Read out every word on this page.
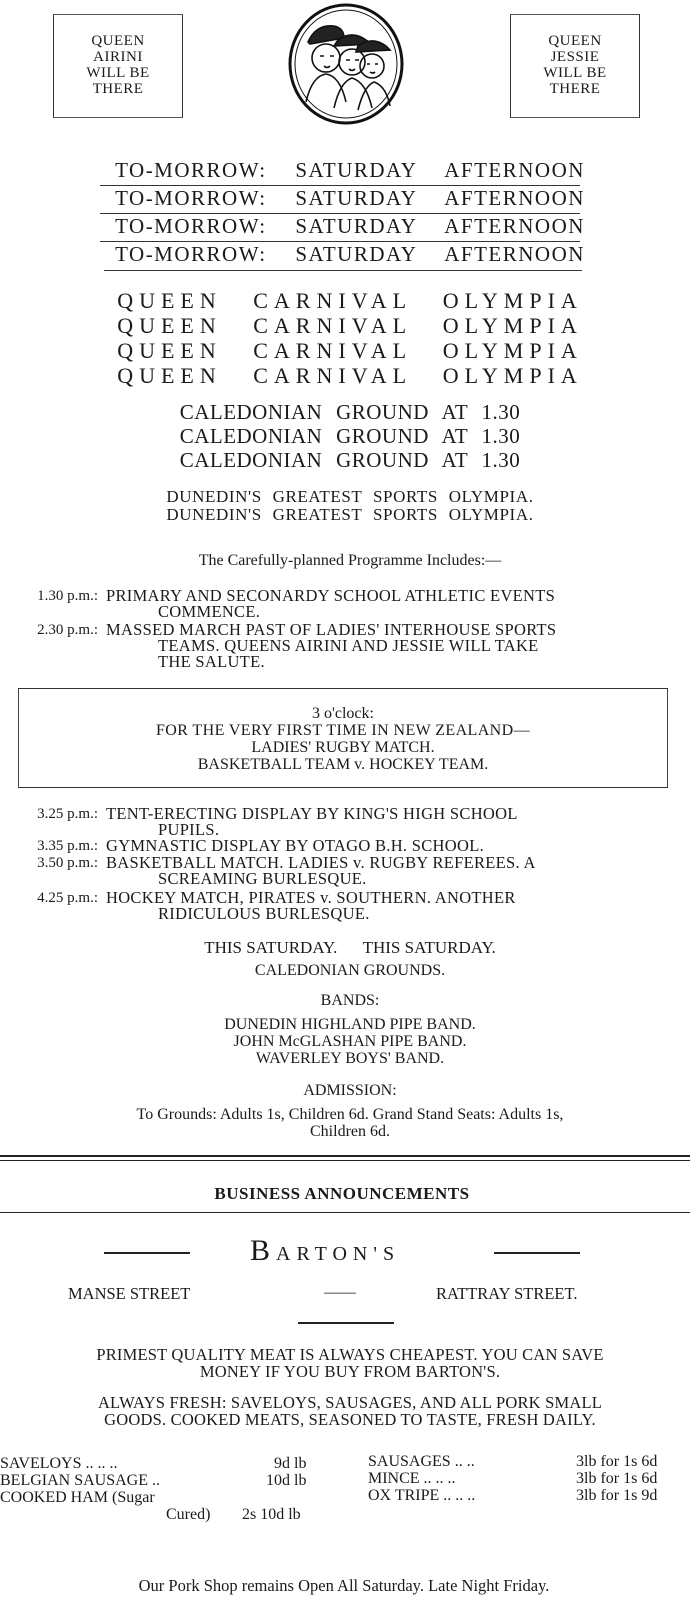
QUEEN
AIRINI
WILL BE
THERE
QUEEN
JESSIE
WILL BE
THERE
TO-MORROW: SATURDAY AFTERNOON
TO-MORROW: SATURDAY AFTERNOON
TO-MORROW: SATURDAY AFTERNOON
TO-MORROW: SATURDAY AFTERNOON
QUEEN CARNIVAL OLYMPIA
QUEEN CARNIVAL OLYMPIA
QUEEN CARNIVAL OLYMPIA
QUEEN CARNIVAL OLYMPIA
CALEDONIAN GROUND AT 1.30
CALEDONIAN GROUND AT 1.30
CALEDONIAN GROUND AT 1.30
DUNEDIN'S GREATEST SPORTS OLYMPIA.
DUNEDIN'S GREATEST SPORTS OLYMPIA.
The Carefully-planned Programme Includes:—
1.30 p.m.: PRIMARY AND SECONARDY SCHOOL ATHLETIC EVENTS
COMMENCE.
2.30 p.m.: MASSED MARCH PAST OF LADIES' INTERHOUSE SPORTS
TEAMS. QUEENS AIRINI AND JESSIE WILL TAKE
THE SALUTE.
3 o'clock:
FOR THE VERY FIRST TIME IN NEW ZEALAND—
LADIES' RUGBY MATCH.
BASKETBALL TEAM v. HOCKEY TEAM.
3.25 p.m.: TENT-ERECTING DISPLAY BY KING'S HIGH SCHOOL
PUPILS.
3.35 p.m.: GYMNASTIC DISPLAY BY OTAGO B.H. SCHOOL.
3.50 p.m.: BASKETBALL MATCH. LADIES v. RUGBY REFEREES. A
SCREAMING BURLESQUE.
4.25 p.m.: HOCKEY MATCH, PIRATES v. SOUTHERN. ANOTHER
RIDICULOUS BURLESQUE.
THIS SATURDAY.      THIS SATURDAY.
CALEDONIAN GROUNDS.
BANDS:
DUNEDIN HIGHLAND PIPE BAND.
JOHN McGLASHAN PIPE BAND.
WAVERLEY BOYS' BAND.
ADMISSION:
To Grounds: Adults 1s, Children 6d. Grand Stand Seats: Adults 1s,
Children 6d.
BUSINESS ANNOUNCEMENTS
BARTON'S
MANSE STREET	——	RATTRAY STREET.
PRIMEST QUALITY MEAT IS ALWAYS CHEAPEST. YOU CAN SAVE
MONEY IF YOU BUY FROM BARTON'S.
ALWAYS FRESH: SAVELOYS, SAUSAGES, AND ALL PORK SMALL
GOODS. COOKED MEATS, SEASONED TO TASTE, FRESH DAILY.
SAVELOYS .. .. ..	9d lb
BELGIAN SAUSAGE ..	10d lb
COOKED HAM (Sugar
Cured) 2s 10d lb
SAUSAGES .. ..	3lb for 1s 6d
MINCE .. .. ..	3lb for 1s 6d
OX TRIPE .. .. ..	3lb for 1s 9d
Our Pork Shop remains Open All Saturday. Late Night Friday.
